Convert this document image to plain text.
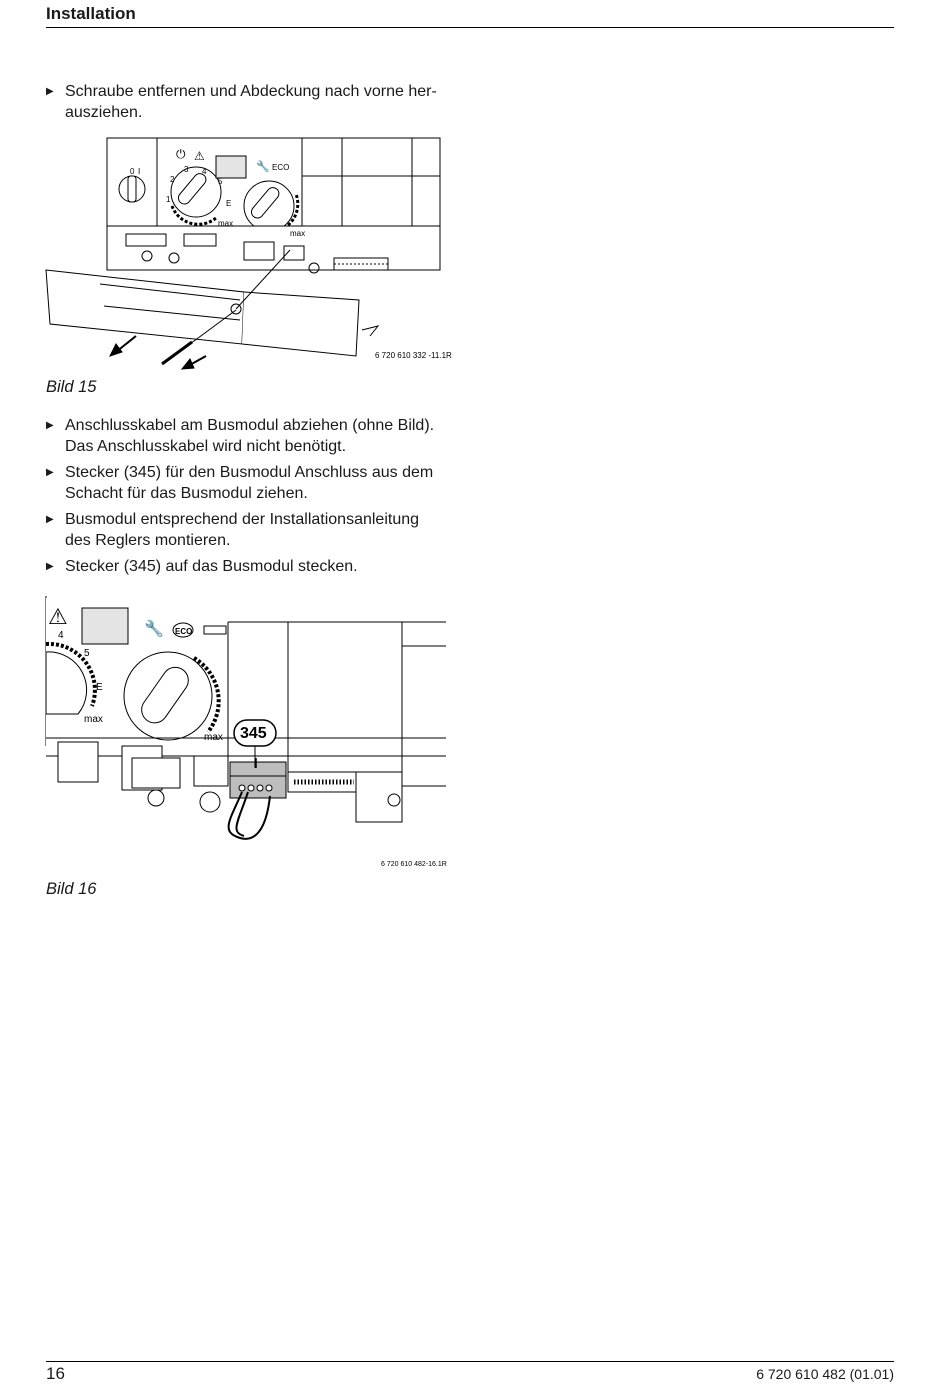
Installation
▶ Schraube entfernen und Abdeckung nach vorne her-
ausziehen.
0 I
1
2
3 4
5
E
max
max
ECO
⏻ ⚠
🔧
6 720 610 332 -11.1R
Bild 15
▶ Anschlusskabel am Busmodul abziehen (ohne Bild).
Das Anschlusskabel wird nicht benötigt.
▶ Stecker (345) für den Busmodul Anschluss aus dem
Schacht für das Busmodul ziehen.
▶ Busmodul entsprechend der Installationsanleitung
des Reglers montieren.
▶ Stecker (345) auf das Busmodul stecken.
4
5
E
max
max
ECO
⚠
🔧
345
6 720 610 482-16.1R
Bild 16
16	6 720 610 482 (01.01)
